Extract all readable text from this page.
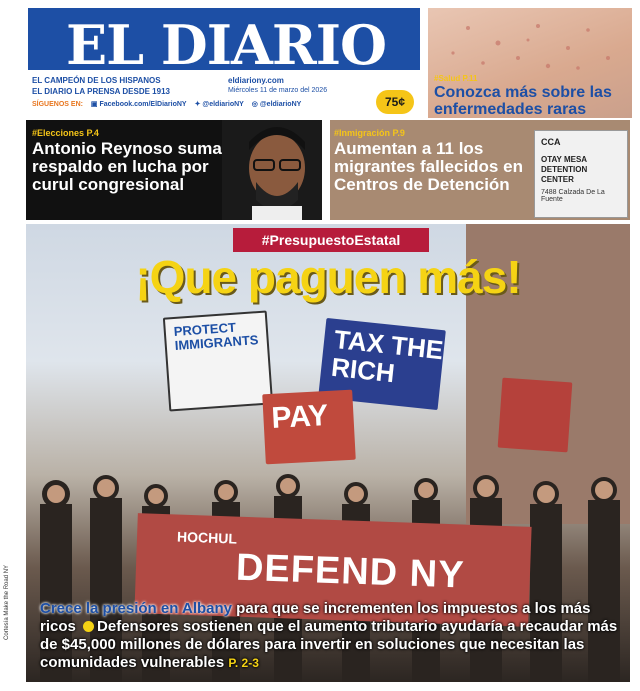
EL DIARIO
EL CAMPEÓN DE LOS HISPANOS
EL DIARIO LA PRENSA DESDE 1913
eldiariony.com
Miércoles 11 de marzo del 2026
SÍGUENOS EN: ▣ Facebook.com/ElDiarioNY ✦ @eldiarioNY ◎ @eldiarioNY	75¢
#Salud P.11
Conozca más sobre las enfermedades raras
#Elecciones P.4
Antonio Reynoso suma respaldo en lucha por curul congresional
#Inmigración P.9
Aumentan a 11 los migrantes fallecidos en Centros de Detención
CCA
OTAY MESA DETENTION CENTER
7488 Calzada De La Fuente
#PresupuestoEstatal
¡Que paguen más!
PROTECT IMMIGRANTS	TAX THE RICH
PAY
HOCHUL
DEFEND NY
Cortesía Make the Road NY Crece la presión en Albany para que se incrementen los impuestos a los más ricos Defensores sostienen que el aumento tributario ayudaría a recaudar más de $45,000 millones de dólares para invertir en soluciones que necesitan las comunidades vulnerables P. 2-3
